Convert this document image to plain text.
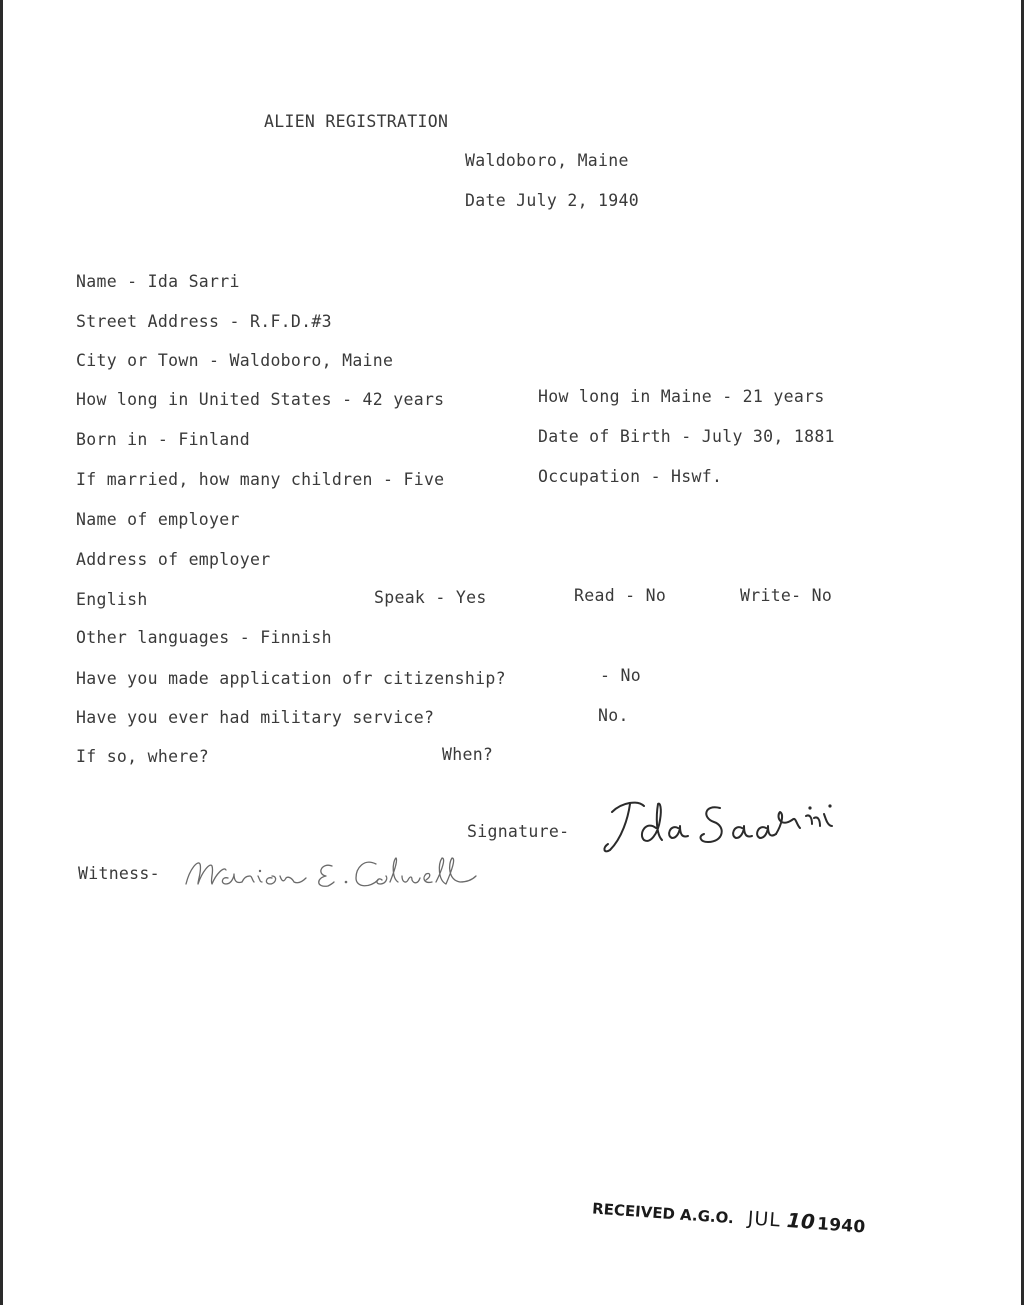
ALIEN REGISTRATION
Waldoboro, Maine
Date July 2, 1940
Name - Ida Sarri
Street Address - R.F.D.#3
City or Town - Waldoboro, Maine
How long in United States - 42 years	How long in Maine - 21 years
Born in - Finland	Date of Birth - July 30, 1881
If married, how many children - Five	Occupation - Hswf.
Name of employer
Address of employer
English	Speak - Yes	Read - No	Write- No
Other languages - Finnish
Have you made application ofr citizenship?	- No
Have you ever had military service?	No.
If so, where?	When?
Signature-
Witness-
RECEIVED A.G.O. JUL 101940
